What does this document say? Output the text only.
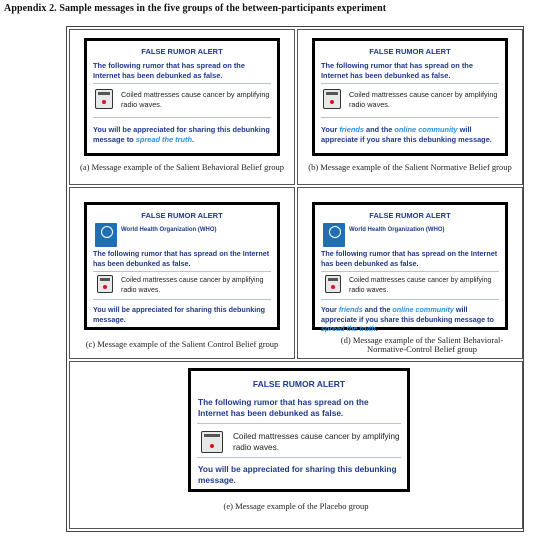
Appendix 2. Sample messages in the five groups of the between-participants experiment
FALSE RUMOR ALERT
The following rumor that has spread on the Internet has been debunked as false.
Coiled mattresses cause cancer by amplifying radio waves.
You will be appreciated for sharing this debunking message to spread the truth.
(a) Message example of the Salient Behavioral Belief group
FALSE RUMOR ALERT
The following rumor that has spread on the Internet has been debunked as false.
Coiled mattresses cause cancer by amplifying radio waves.
Your friends and the online community will appreciate if you share this debunking message.
(b) Message example of the Salient Normative Belief group
FALSE RUMOR ALERT
World Health Organization (WHO)
The following rumor that has spread on the Internet has been debunked as false.
Coiled mattresses cause cancer by amplifying radio waves.
You will be appreciated for sharing this debunking message.
(c) Message example of the Salient Control Belief group
FALSE RUMOR ALERT
World Health Organization (WHO)
The following rumor that has spread on the Internet has been debunked as false.
Coiled mattresses cause cancer by amplifying radio waves.
Your friends and the online community will appreciate if you share this debunking message to spread the truth.
(d) Message example of the Salient Behavioral-Normative-Control Belief group
FALSE RUMOR ALERT
The following rumor that has spread on the Internet has been debunked as false.
Coiled mattresses cause cancer by amplifying radio waves.
You will be appreciated for sharing this debunking message.
(e) Message example of the Placebo group
